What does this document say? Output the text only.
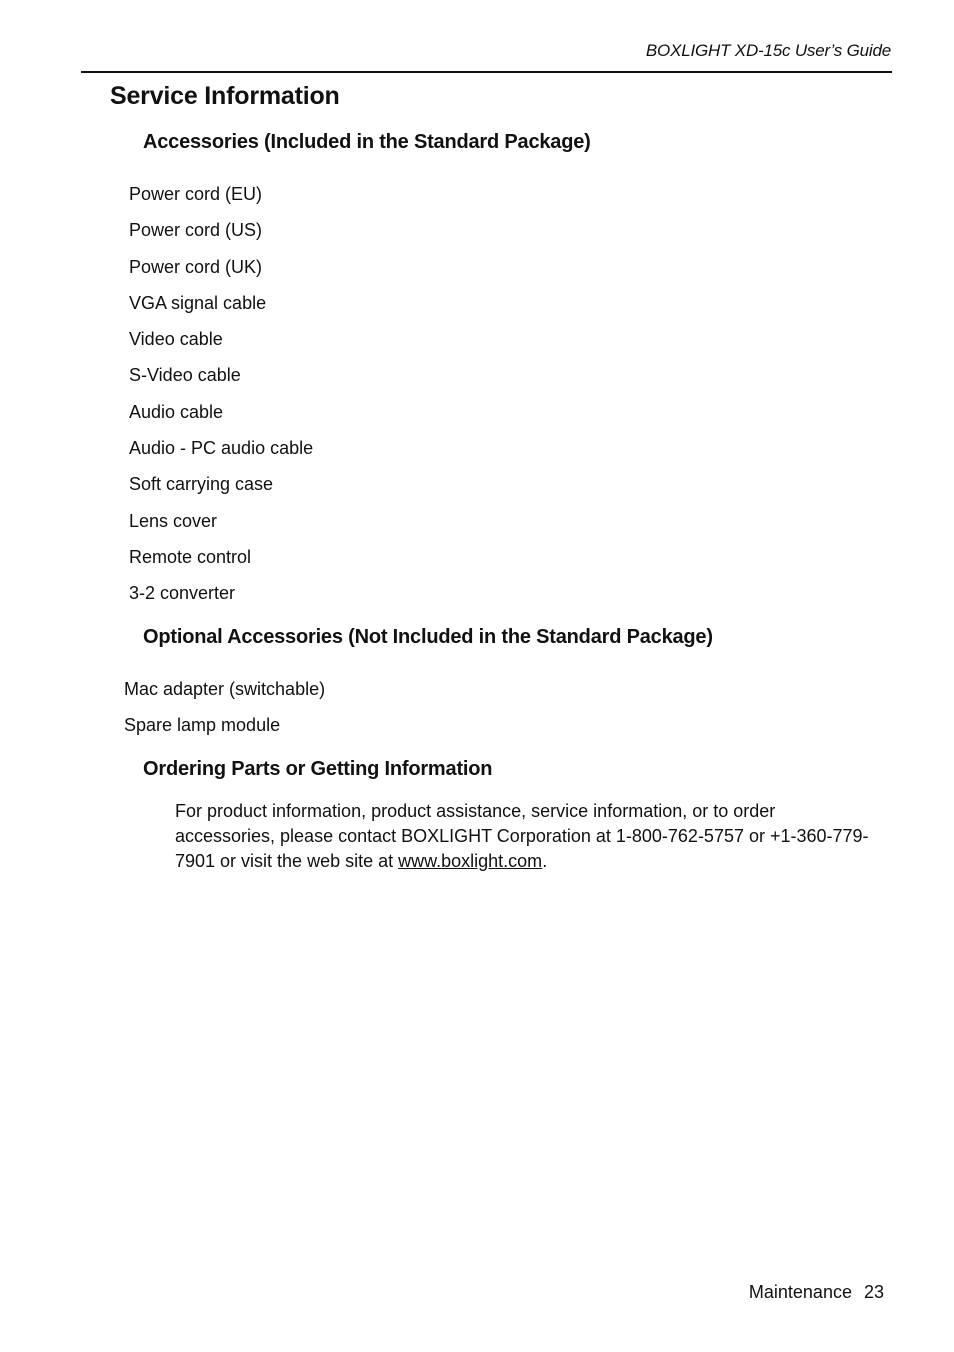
BOXLIGHT XD-15c User’s Guide
Service Information
Accessories (Included in the Standard Package)
Power cord (EU)
Power cord (US)
Power cord (UK)
VGA signal cable
Video cable
S-Video cable
Audio cable
Audio - PC audio cable
Soft carrying case
Lens cover
Remote control
3-2 converter
Optional Accessories (Not Included in the Standard Package)
Mac adapter (switchable)
Spare lamp module
Ordering Parts or Getting Information

For product information, product assistance, service information, or to order accessories, please contact BOXLIGHT Corporation at 1-800-762-5757 or +1-360-779-7901 or visit the web site at www.boxlight.com.

Maintenance 23
